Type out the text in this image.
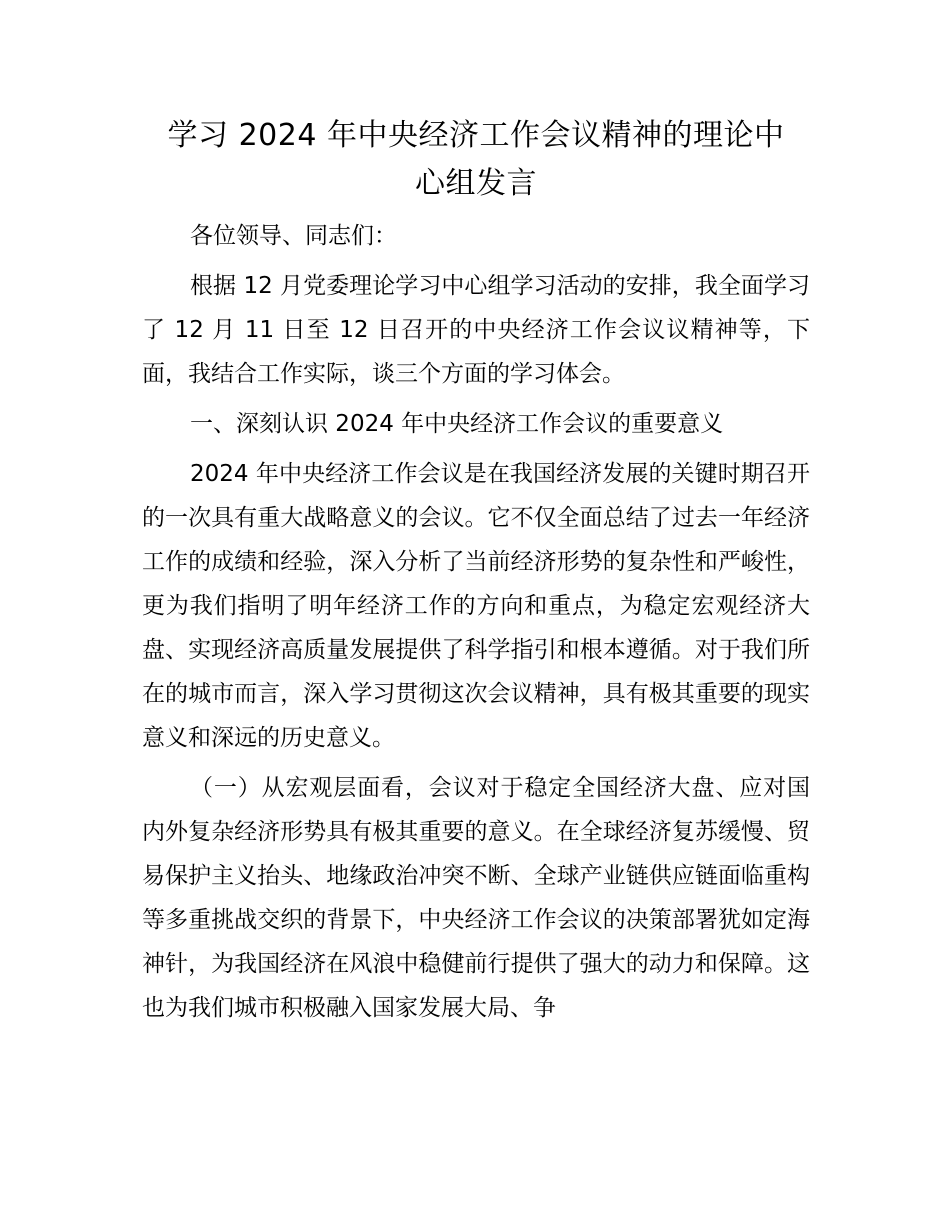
学习 2024 年中央经济工作会议精神的理论中
心组发言

各位领导、同志们：

根据 12 月党委理论学习中心组学习活动的安排，我全面学习了 12 月 11 日至 12 日召开的中央经济工作会议议精神等，下面，我结合工作实际，谈三个方面的学习体会。

一、深刻认识 2024 年中央经济工作会议的重要意义

2024 年中央经济工作会议是在我国经济发展的关键时期召开的一次具有重大战略意义的会议。它不仅全面总结了过去一年经济工作的成绩和经验，深入分析了当前经济形势的复杂性和严峻性，更为我们指明了明年经济工作的方向和重点，为稳定宏观经济大盘、实现经济高质量发展提供了科学指引和根本遵循。对于我们所在的城市而言，深入学习贯彻这次会议精神，具有极其重要的现实意义和深远的历史意义。

（一）从宏观层面看，会议对于稳定全国经济大盘、应对国内外复杂经济形势具有极其重要的意义。在全球经济复苏缓慢、贸易保护主义抬头、地缘政治冲突不断、全球产业链供应链面临重构等多重挑战交织的背景下，中央经济工作会议的决策部署犹如定海神针，为我国经济在风浪中稳健前行提供了强大的动力和保障。这也为我们城市积极融入国家发展大局、争
